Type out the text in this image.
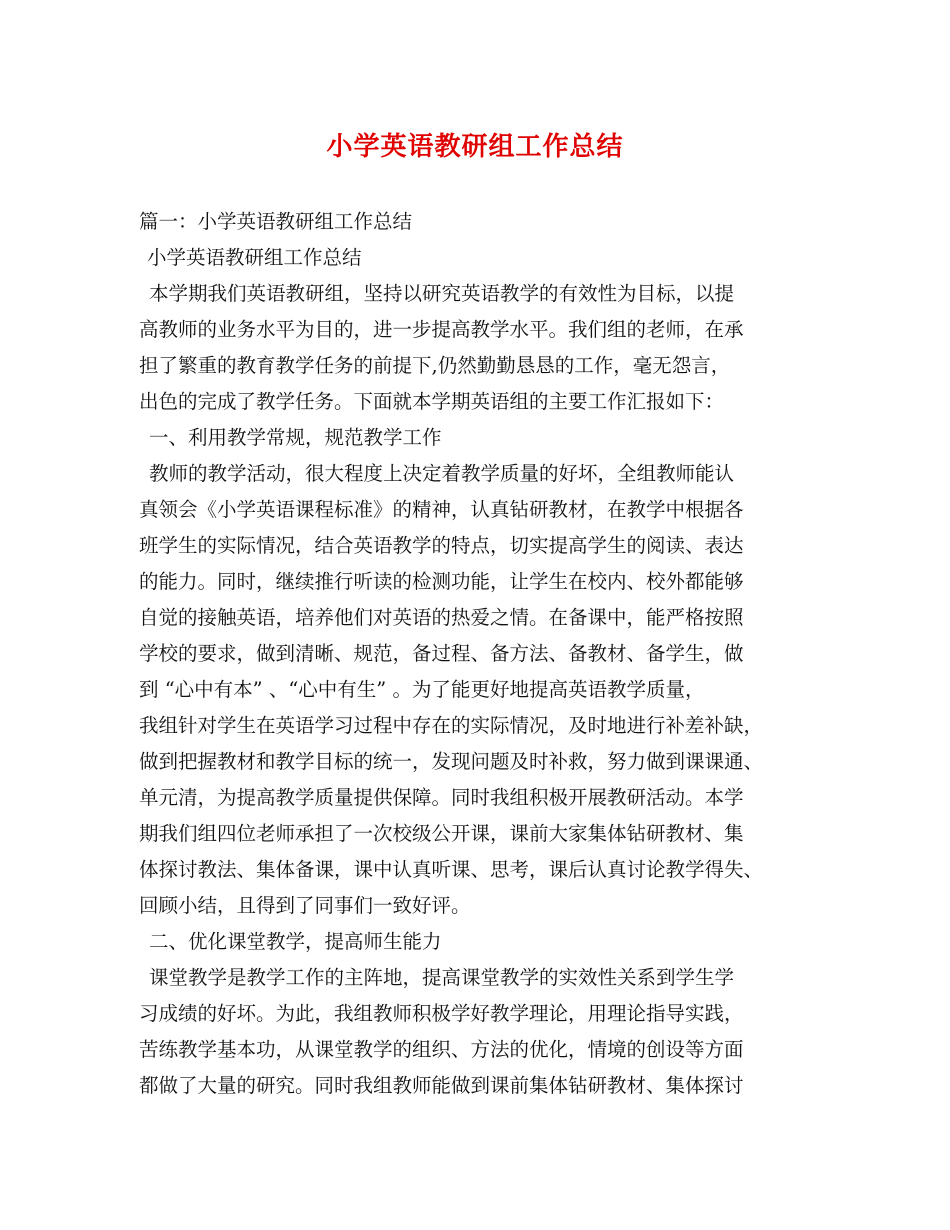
小学英语教研组工作总结
篇一：小学英语教研组工作总结
小学英语教研组工作总结
本学期我们英语教研组，坚持以研究英语教学的有效性为目标，以提
高教师的业务水平为目的，进一步提高教学水平。我们组的老师，在承
担了繁重的教育教学任务的前提下,仍然勤勤恳恳的工作，毫无怨言，
出色的完成了教学任务。下面就本学期英语组的主要工作汇报如下：
一、利用教学常规，规范教学工作
教师的教学活动，很大程度上决定着教学质量的好坏，全组教师能认
真领会《小学英语课程标准》的精神，认真钻研教材，在教学中根据各
班学生的实际情况，结合英语教学的特点，切实提高学生的阅读、表达
的能力。同时，继续推行听读的检测功能，让学生在校内、校外都能够
自觉的接触英语，培养他们对英语的热爱之情。在备课中，能严格按照
学校的要求，做到清晰、规范，备过程、备方法、备教材、备学生，做
到 “心中有本” 、“心中有生” 。为了能更好地提高英语教学质量，
我组针对学生在英语学习过程中存在的实际情况，及时地进行补差补缺，
做到把握教材和教学目标的统一，发现问题及时补救，努力做到课课通、
单元清，为提高教学质量提供保障。同时我组积极开展教研活动。本学
期我们组四位老师承担了一次校级公开课，课前大家集体钻研教材、集
体探讨教法、集体备课，课中认真听课、思考，课后认真讨论教学得失、
回顾小结，且得到了同事们一致好评。
二、优化课堂教学，提高师生能力
课堂教学是教学工作的主阵地，提高课堂教学的实效性关系到学生学
习成绩的好坏。为此，我组教师积极学好教学理论，用理论指导实践，
苦练教学基本功，从课堂教学的组织、方法的优化，情境的创设等方面
都做了大量的研究。同时我组教师能做到课前集体钻研教材、集体探讨
